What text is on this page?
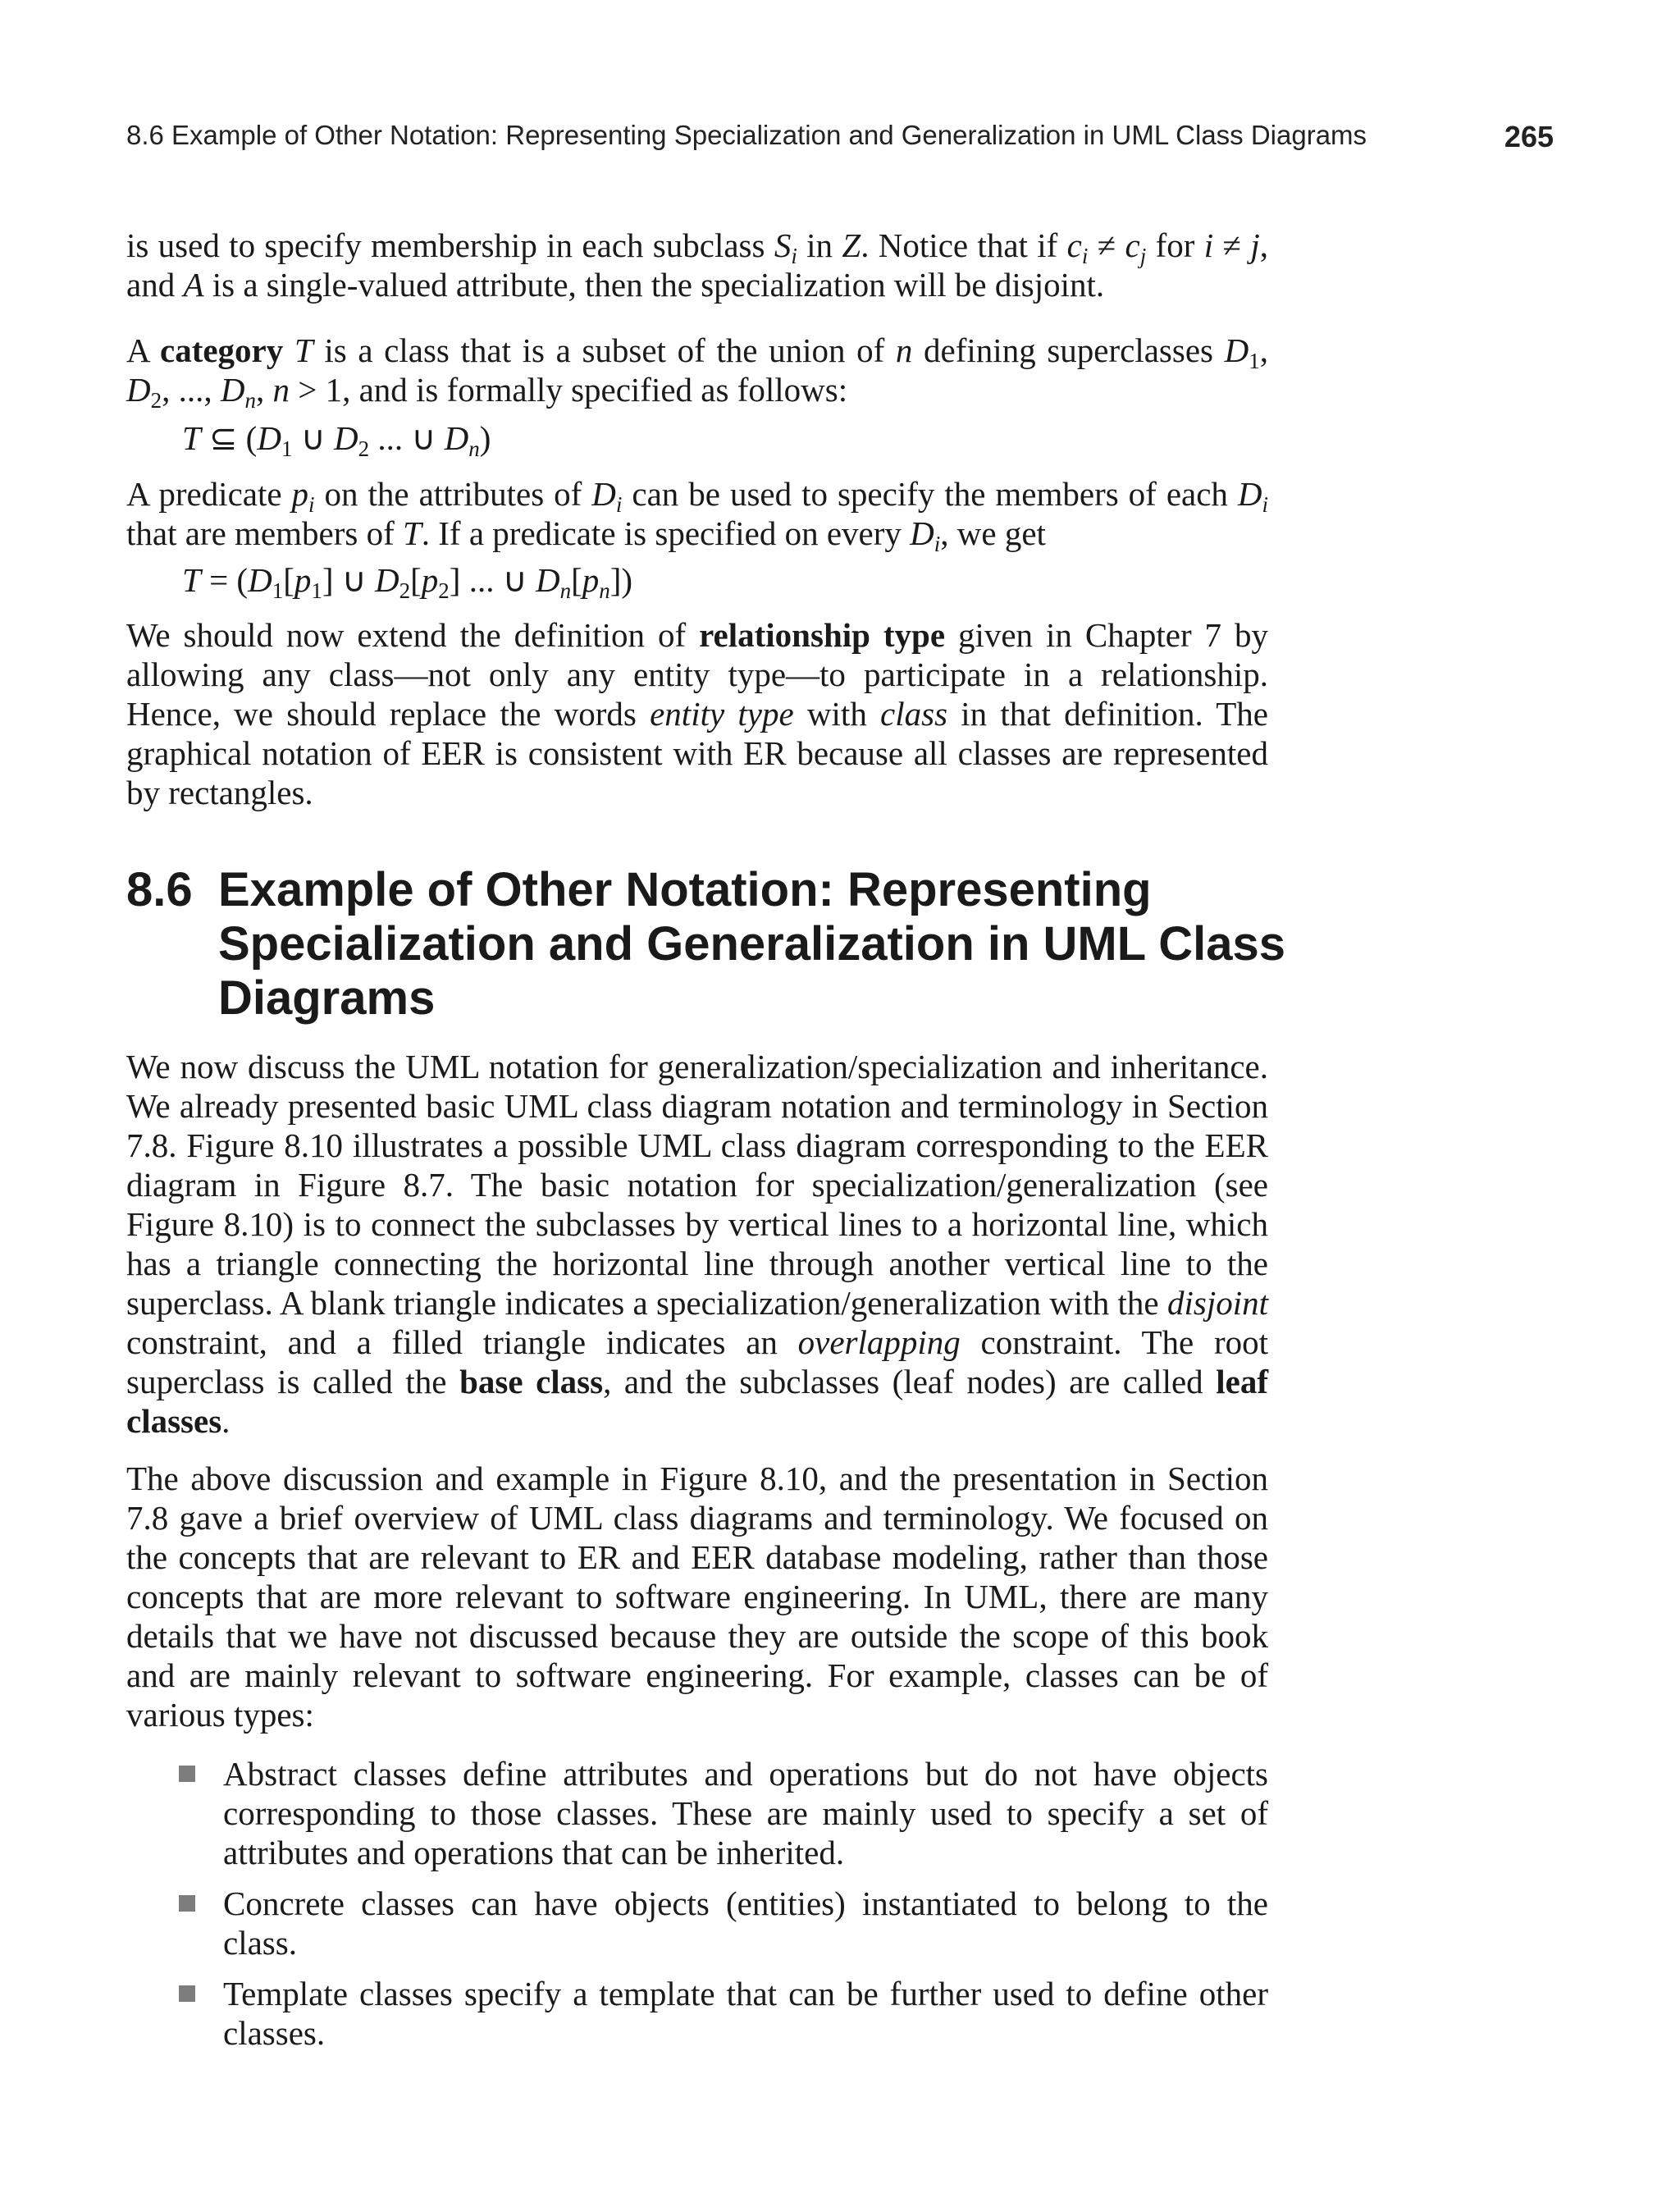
8.6 Example of Other Notation: Representing Specialization and Generalization in UML Class Diagrams	265

is used to specify membership in each subclass $S_i$ in Z. Notice that if $c_i \ne c_j$ for i ≠ j, and A is a single-valued attribute, then the specialization will be disjoint.

A category T is a class that is a subset of the union of n defining superclasses $D_1$, $D_2$, ..., $D_n$, n > 1, and is formally specified as follows:

T ⊆ ($D_1$ ∪ $D_2$ ... ∪ $D_n$)

A predicate $p_i$ on the attributes of $D_i$ can be used to specify the members of each $D_i$ that are members of T. If a predicate is specified on every $D_i$, we get

$T = (D_1[p_1]$ ∪ $D_2[p_2]$ ... ∪ $D_n[p_n]$)

We should now extend the definition of relationship type given in Chapter 7 by allowing any class—not only any entity type—to participate in a relationship. Hence, we should replace the words entity type with class in that definition. The graphical notation of EER is consistent with ER because all classes are represented by rectangles.

8.6 Example of Other Notation: Representing Specialization and Generalization in UML Class Diagrams

We now discuss the UML notation for generalization/specialization and inheritance. We already presented basic UML class diagram notation and terminology in Section 7.8. Figure 8.10 illustrates a possible UML class diagram corresponding to the EER diagram in Figure 8.7. The basic notation for specialization/generalization (see Figure 8.10) is to connect the subclasses by vertical lines to a horizontal line, which has a triangle connecting the horizontal line through another vertical line to the superclass. A blank triangle indicates a specialization/generalization with the disjoint constraint, and a filled triangle indicates an overlapping constraint. The root superclass is called the base class, and the subclasses (leaf nodes) are called leaf classes.

The above discussion and example in Figure 8.10, and the presentation in Section 7.8 gave a brief overview of UML class diagrams and terminology. We focused on the concepts that are relevant to ER and EER database modeling, rather than those concepts that are more relevant to software engineering. In UML, there are many details that we have not discussed because they are outside the scope of this book and are mainly relevant to software engineering. For example, classes can be of various types:

Abstract classes define attributes and operations but do not have objects corresponding to those classes. These are mainly used to specify a set of attributes and operations that can be inherited.
Concrete classes can have objects (entities) instantiated to belong to the class.
Template classes specify a template that can be further used to define other classes.
